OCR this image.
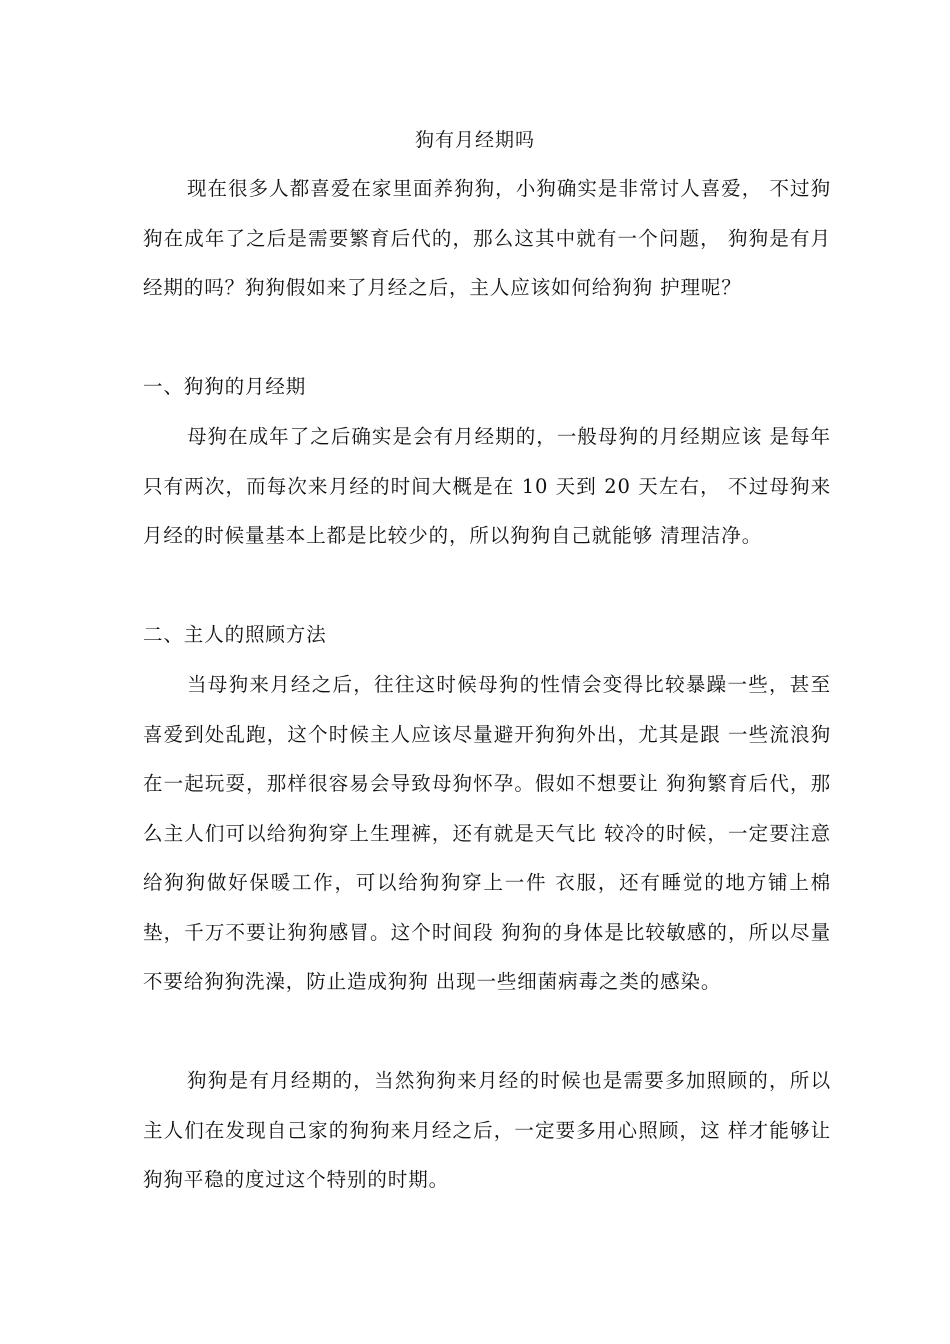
狗有月经期吗

现在很多人都喜爱在家里面养狗狗，小狗确实是非常讨人喜爱， 不过狗狗在成年了之后是需要繁育后代的，那么这其中就有一个问题， 狗狗是有月经期的吗？狗狗假如来了月经之后，主人应该如何给狗狗 护理呢？

一、狗狗的月经期

母狗在成年了之后确实是会有月经期的，一般母狗的月经期应该 是每年只有两次，而每次来月经的时间大概是在 10 天到 20 天左右， 不过母狗来月经的时候量基本上都是比较少的，所以狗狗自己就能够 清理洁净。

二、主人的照顾方法

当母狗来月经之后，往往这时候母狗的性情会变得比较暴躁一些，甚至喜爱到处乱跑，这个时候主人应该尽量避开狗狗外出，尤其是跟 一些流浪狗在一起玩耍，那样很容易会导致母狗怀孕。假如不想要让 狗狗繁育后代，那么主人们可以给狗狗穿上生理裤，还有就是天气比 较冷的时候，一定要注意给狗狗做好保暖工作，可以给狗狗穿上一件 衣服，还有睡觉的地方铺上棉垫，千万不要让狗狗感冒。这个时间段 狗狗的身体是比较敏感的，所以尽量不要给狗狗洗澡，防止造成狗狗 出现一些细菌病毒之类的感染。

狗狗是有月经期的，当然狗狗来月经的时候也是需要多加照顾的，所以主人们在发现自己家的狗狗来月经之后，一定要多用心照顾，这 样才能够让狗狗平稳的度过这个特别的时期。
